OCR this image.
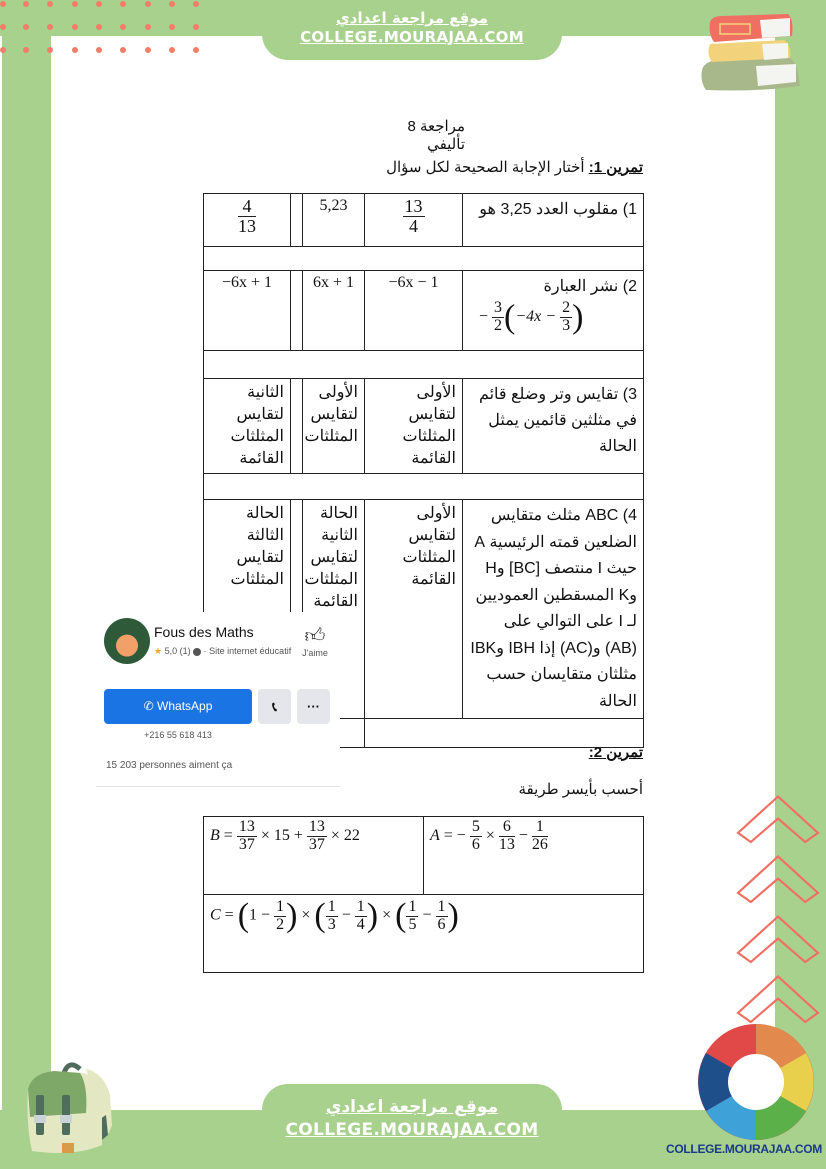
موقع مراجعة اعدادي
COLLEGE.MOURAJAA.COM
مراجعة 8 تأليفي
تمرين 1: أختار الإجابة الصحيحة لكل سؤال
$\frac{4}{13}$		5,23	$\frac{13}{4}$	1) مقلوب العدد 3,25 هو

−6x + 1		6x + 1	−6x − 1	2) نشر العبارة
− $\frac{3}{2} (-4x - \frac{2}{3}$ )

الثانية لتقايس المثلثات القائمة		الأولى لتقايس المثلثات	الأولى لتقايس المثلثات القائمة	3) تقايس وتر وضلع قائم في مثلثين قائمين يمثل الحالة

الحالة الثالثة لتقايس المثلثات		الحالة الثانية لتقايس المثلثات القائمة	الأولى لتقايس المثلثات القائمة	4) ABC مثلث متقايس الضلعين قمته الرئيسية A حيث I منتصف [BC] وH وK المسقطين العموديين لـ I على التوالي على (AB) و(AC) إذا IBH وIBK مثلثان متقايسان حسب الحالة

تمرين 2:
أحسب بأيسر طريقة
$B = \frac{13}{37} \times 15 + \frac{13}{37} \times 22$	A = − $\frac{5}{6} \times \frac{6}{13} - \frac{1}{26}$

$C = (1 - \frac{1}{2}$ ) × ( $\frac{1}{3} - \frac{1}{4}$ ) × ( $\frac{1}{5} - \frac{1}{6}$ )
Fous des Maths
★ 5,0 (1) · Site internet éducatif
👍︎
J'aime
✆ WhatsApp	📞︎	···
+216 55 618 413
15 203 personnes aiment ça
موقع مراجعة اعدادي
COLLEGE.MOURAJAA.COM
COLLEGE.MOURAJAA.COM
